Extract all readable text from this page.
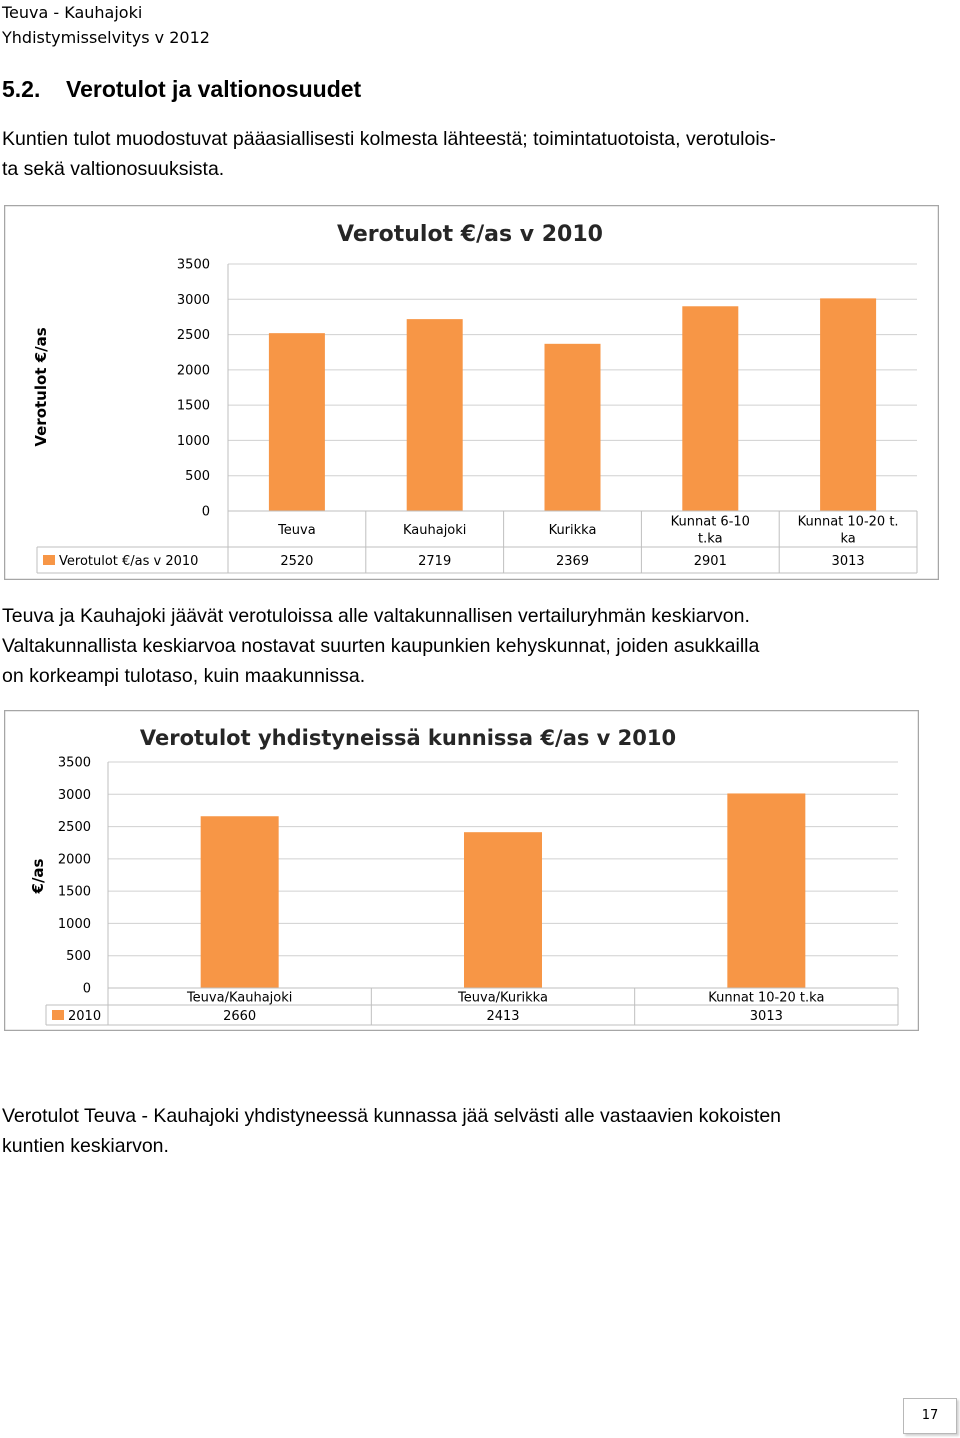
Teuva - Kauhajoki
Yhdistymisselvitys v 2012
5.2. Verotulot ja valtionosuudet
Kuntien tulot muodostuvat pääasiallisesti kolmesta lähteestä; toimintatuotoista, verotulois-
ta sekä valtionosuuksista.
Verotulot €/as v 2010
Verotulot €/as
0
500
1000
1500
2000
2500
3000
3500
Teuva
2520
Kauhajoki
2719
Kurikka
2369
Kunnat 6-10
t.ka
2901
Kunnat 10-20 t.
ka
3013
Verotulot €/as v 2010
Teuva ja Kauhajoki jäävät verotuloissa alle valtakunnallisen vertailuryhmän keskiarvon.
Valtakunnallista keskiarvoa nostavat suurten kaupunkien kehyskunnat, joiden asukkailla
on korkeampi tulotaso, kuin maakunnissa.
Verotulot yhdistyneissä kunnissa €/as v 2010
€/as
0
500
1000
1500
2000
2500
3000
3500
Teuva/Kauhajoki
2660
Teuva/Kurikka
2413
Kunnat 10-20 t.ka
3013
2010
Verotulot Teuva - Kauhajoki yhdistyneessä kunnassa jää selvästi alle vastaavien kokoisten
kuntien keskiarvon.
17
